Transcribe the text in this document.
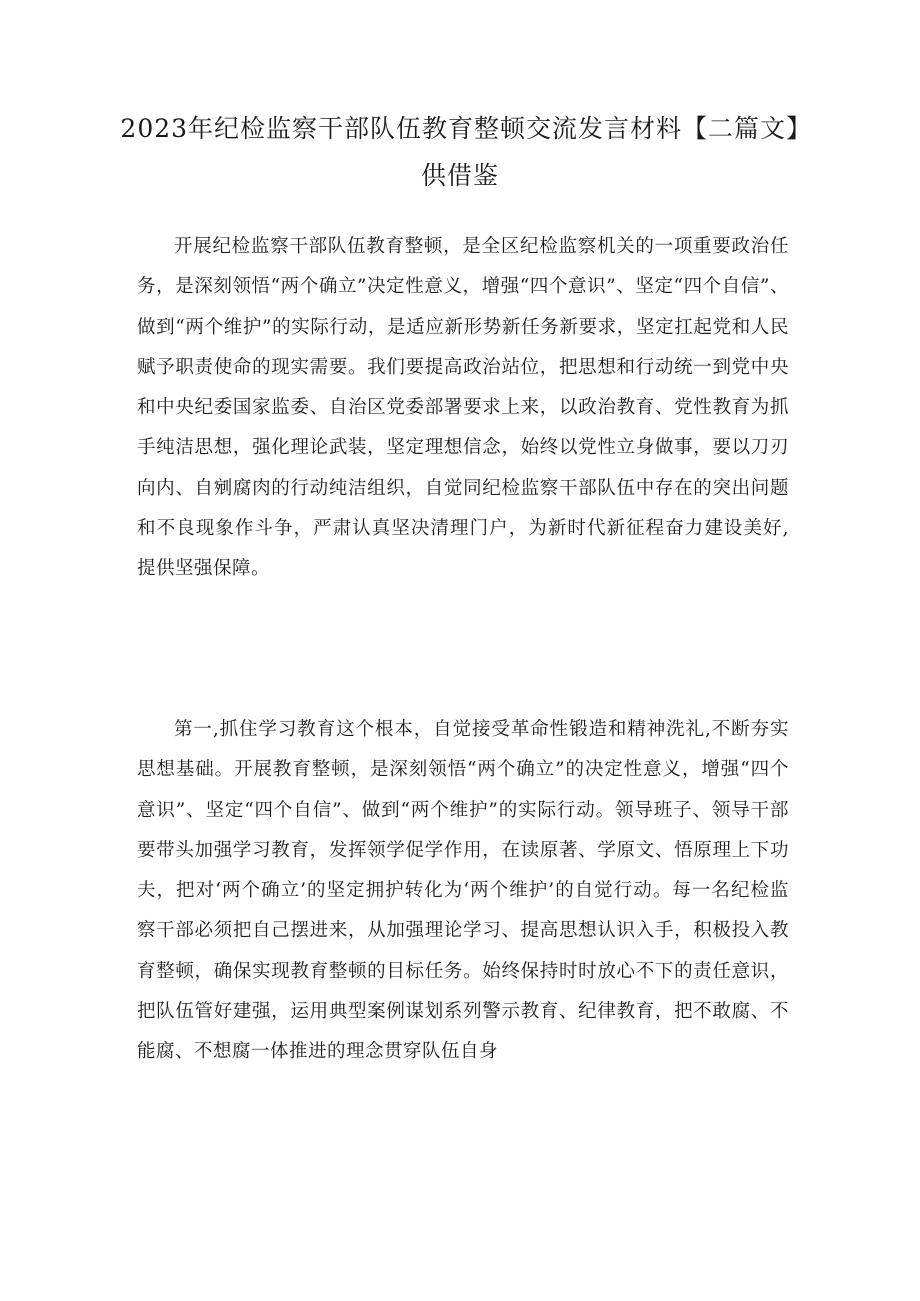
2023年纪检监察干部队伍教育整顿交流发言材料【二篇文】供借鉴

开展纪检监察干部队伍教育整顿，是全区纪检监察机关的一项重要政治任务，是深刻领悟“两个确立”决定性意义，增强“四个意识”、坚定“四个自信”、做到“两个维护”的实际行动，是适应新形势新任务新要求，坚定扛起党和人民赋予职责使命的现实需要。我们要提高政治站位，把思想和行动统一到党中央和中央纪委国家监委、自治区党委部署要求上来，以政治教育、党性教育为抓手纯洁思想，强化理论武装，坚定理想信念，始终以党性立身做事，要以刀刃向内、自剜腐肉的行动纯洁组织，自觉同纪检监察干部队伍中存在的突出问题和不良现象作斗争，严肃认真坚决清理门户，为新时代新征程奋力建设美好,提供坚强保障。

第一,抓住学习教育这个根本，自觉接受革命性锻造和精神洗礼,不断夯实思想基础。开展教育整顿，是深刻领悟“两个确立”的决定性意义，增强“四个意识”、坚定“四个自信”、做到“两个维护”的实际行动。领导班子、领导干部要带头加强学习教育，发挥领学促学作用，在读原著、学原文、悟原理上下功夫，把对‘两个确立’的坚定拥护转化为‘两个维护’的自觉行动。每一名纪检监察干部必须把自己摆进来，从加强理论学习、提高思想认识入手，积极投入教育整顿，确保实现教育整顿的目标任务。始终保持时时放心不下的责任意识，把队伍管好建强，运用典型案例谋划系列警示教育、纪律教育，把不敢腐、不能腐、不想腐一体推进的理念贯穿队伍自身
